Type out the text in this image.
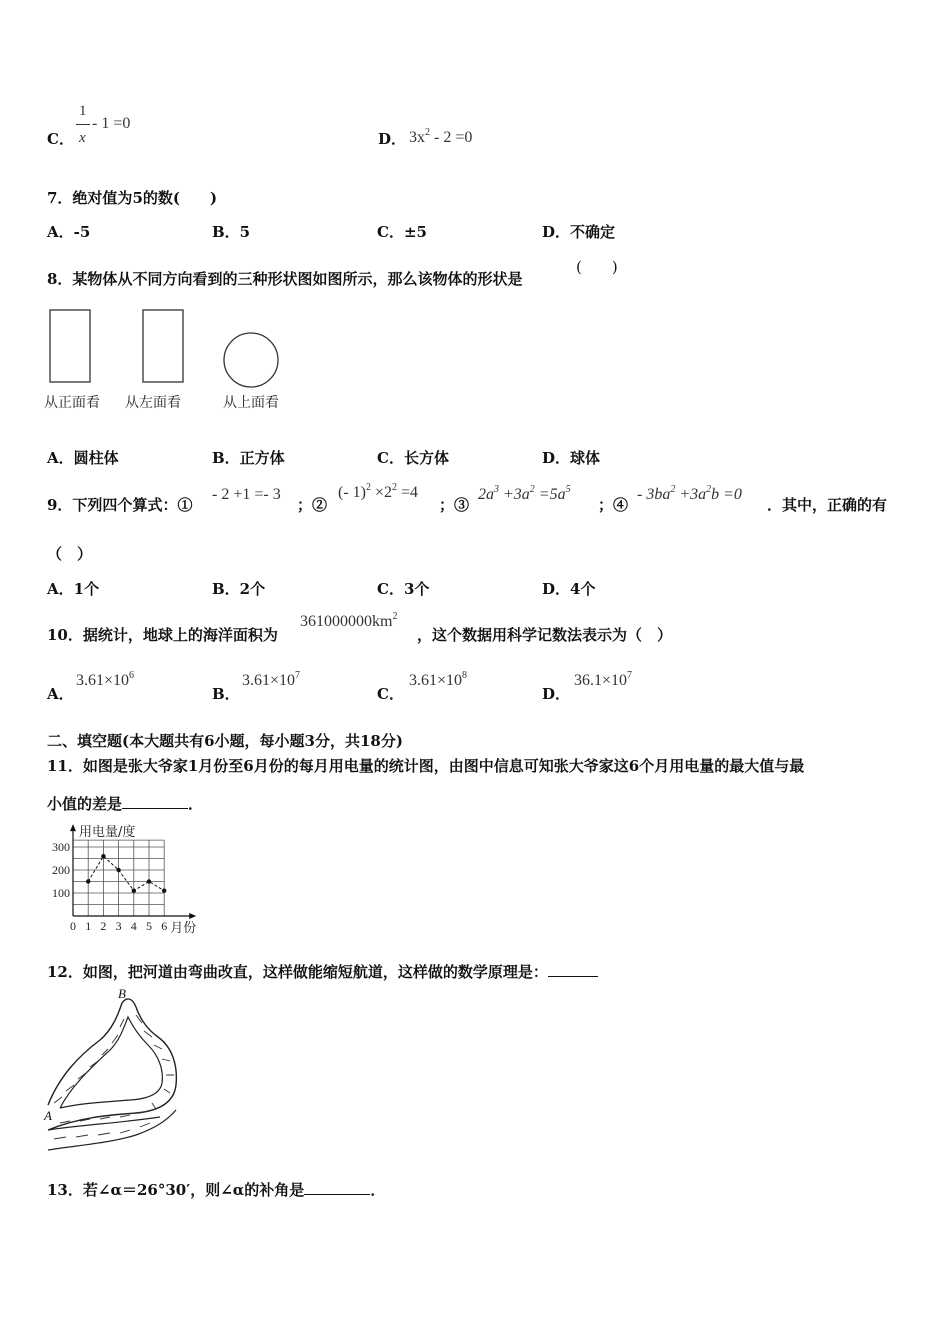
C．
1
x
- 1 =0
D． $3x^2 - 2 =0$
7．绝对值为5的数(　　)
A．-5	B．5	C．±5	D．不确定
8．某物体从不同方向看到的三种形状图如图所示，那么该物体的形状是
(　　)
从正面看 从左面看	从上面看
A．圆柱体	B．正方体	C．长方体	D．球体
9．下列四个算式：①
- 2 +1 =- 3
；②
(- $1)^2 \times 2^2 =4$
；③
$2a^3 +3a^2 =5a^5$
；④
- $3ba^2 +3a^2b =0$
．其中，正确的有
（　）
A．1个	B．2个	C．3个	D．4个
10．据统计，地球上的海洋面积为
$361000000km^2$
，这个数据用科学记数法表示为（　）
A．
$3.61\times 10^6$
B．
$3.61\times 10^7$
C．
$3.61\times 10^8$
D．
$36.1\times 10^7$
二、填空题(本大题共有6小题，每小题3分，共18分)
11．如图是张大爷家1月份至6月份的每月用电量的统计图，由图中信息可知张大爷家这6个月用电量的最大值与最
小值的差是	．
用电量/度
月份
0 1 2 3 4 5 6
100
200
300
12．如图，把河道由弯曲改直，这样做能缩短航道，这样做的数学原理是：
B
A
13．若∠α＝26°30′，则∠α的补角是	．
